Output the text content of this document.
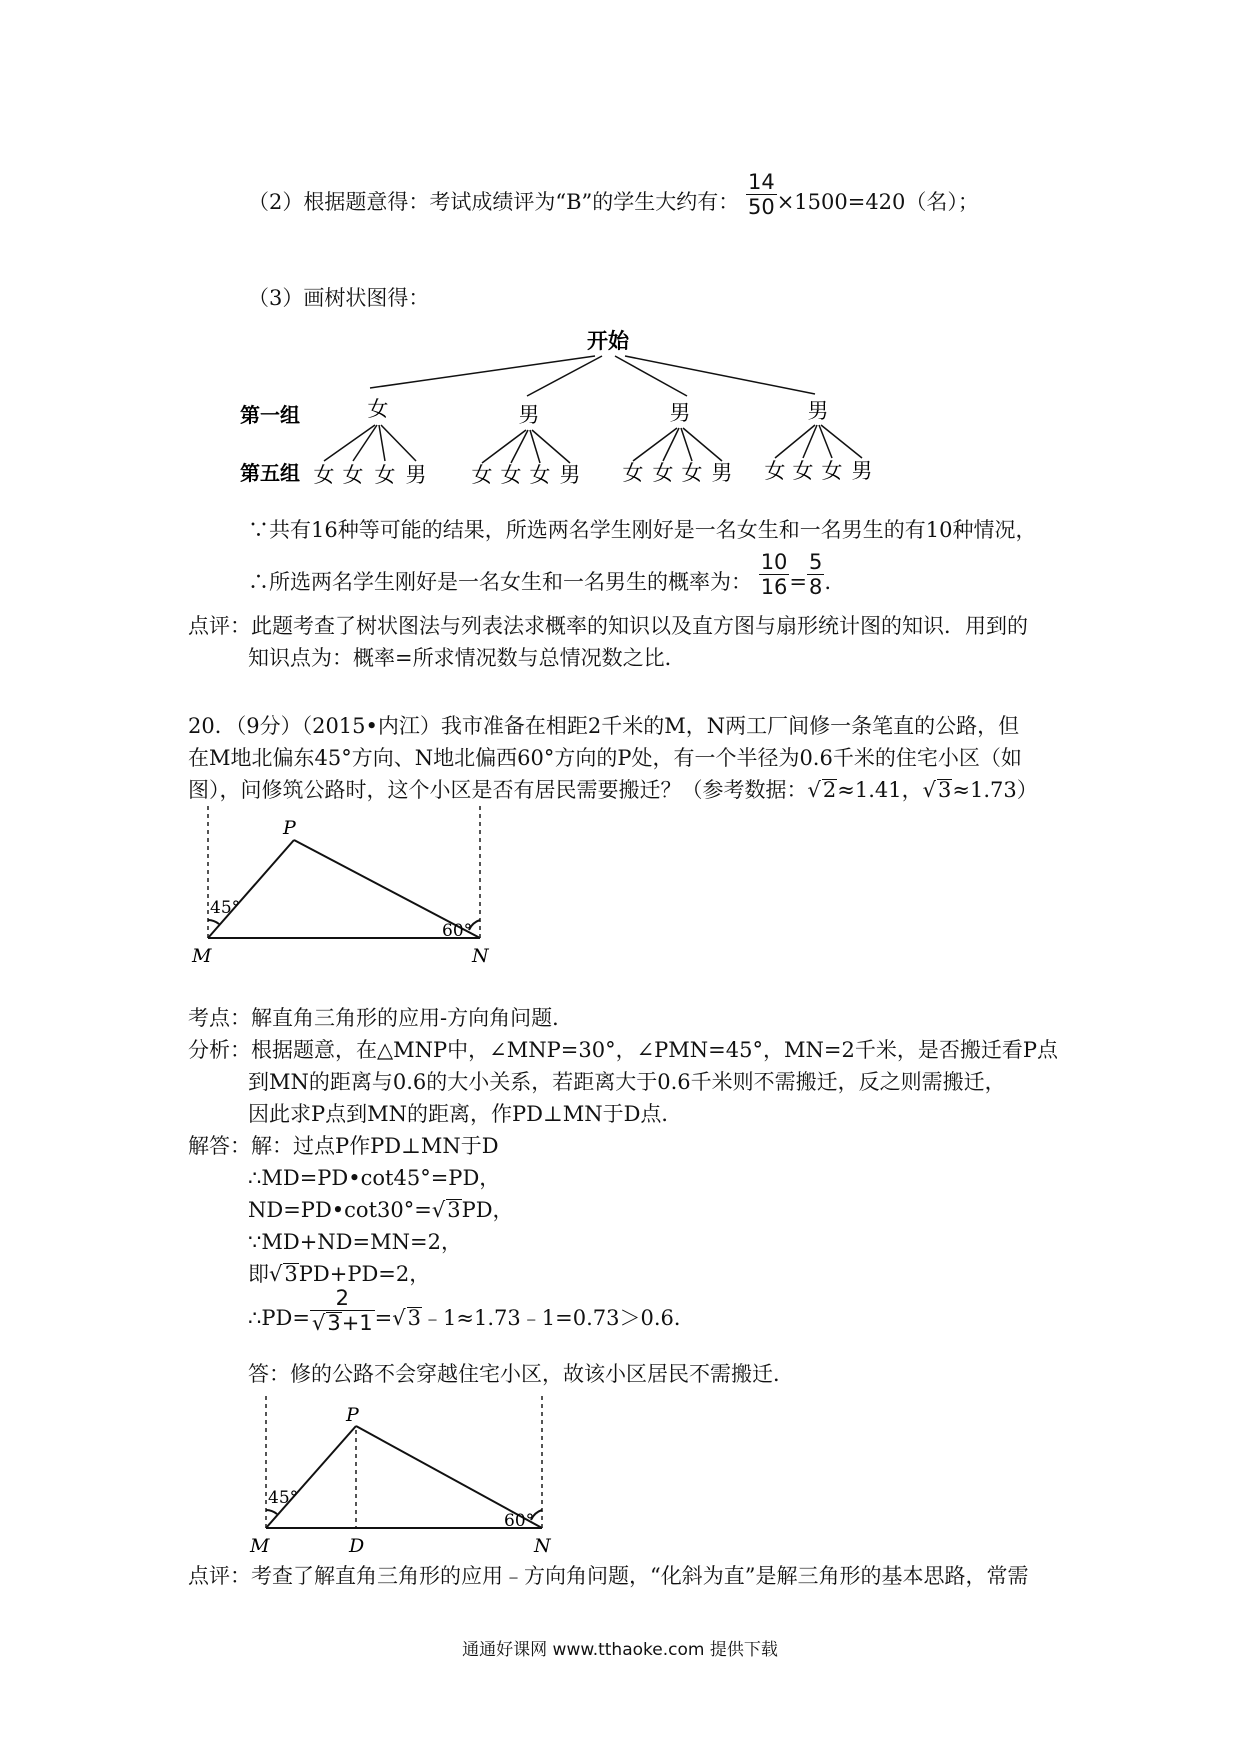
（2）根据题意得：考试成绩评为“B”的学生大约有： $\frac{14}{50} \times 1500=420$（名）；
（3）画树状图得：
开始
第一组
第五组
女	男	男	男
女 女 女 男 女 女 女 男 女 女 女 男 女 女 女 男
∵共有16种等可能的结果，所选两名学生刚好是一名女生和一名男生的有10种情况，
∴所选两名学生刚好是一名女生和一名男生的概率为： $\frac{10}{16} = \frac{5}{8}$ .
点评：此题考查了树状图法与列表法求概率的知识以及直方图与扇形统计图的知识．用到的
知识点为：概率=所求情况数与总情况数之比．
20．（9分）（2015•内江）我市准备在相距2千米的M，N两工厂间修一条笔直的公路，但
在M地北偏东45°方向、N地北偏西60°方向的P处，有一个半径为0.6千米的住宅小区（如
图），问修筑公路时，这个小区是否有居民需要搬迁？（参考数据：√2≈1.41，√3≈1.73）
P
M	N
45°
60°
考点：解直角三角形的应用-方向角问题．
分析：根据题意，在△MNP中，∠MNP=30°，∠PMN=45°，MN=2千米，是否搬迁看P点
到MN的距离与0.6的大小关系，若距离大于0.6千米则不需搬迁，反之则需搬迁，
因此求P点到MN的距离，作PD⊥MN于D点．
解答：解：过点P作PD⊥MN于D
∴MD=PD•cot45°=PD，
ND=PD•cot30°=√3PD，
∵MD+ND=MN=2，
即√3PD+PD=2，
∴PD= $\frac{2}{√3+1}$ =√3﹣1≈1.73﹣1=0.73＞0.6．
答：修的公路不会穿越住宅小区，故该小区居民不需搬迁．
P
M	D	N
45°
60°
点评：考查了解直角三角形的应用﹣方向角问题，“化斜为直”是解三角形的基本思路，常需
通通好课网 www.tthaoke.com 提供下载
